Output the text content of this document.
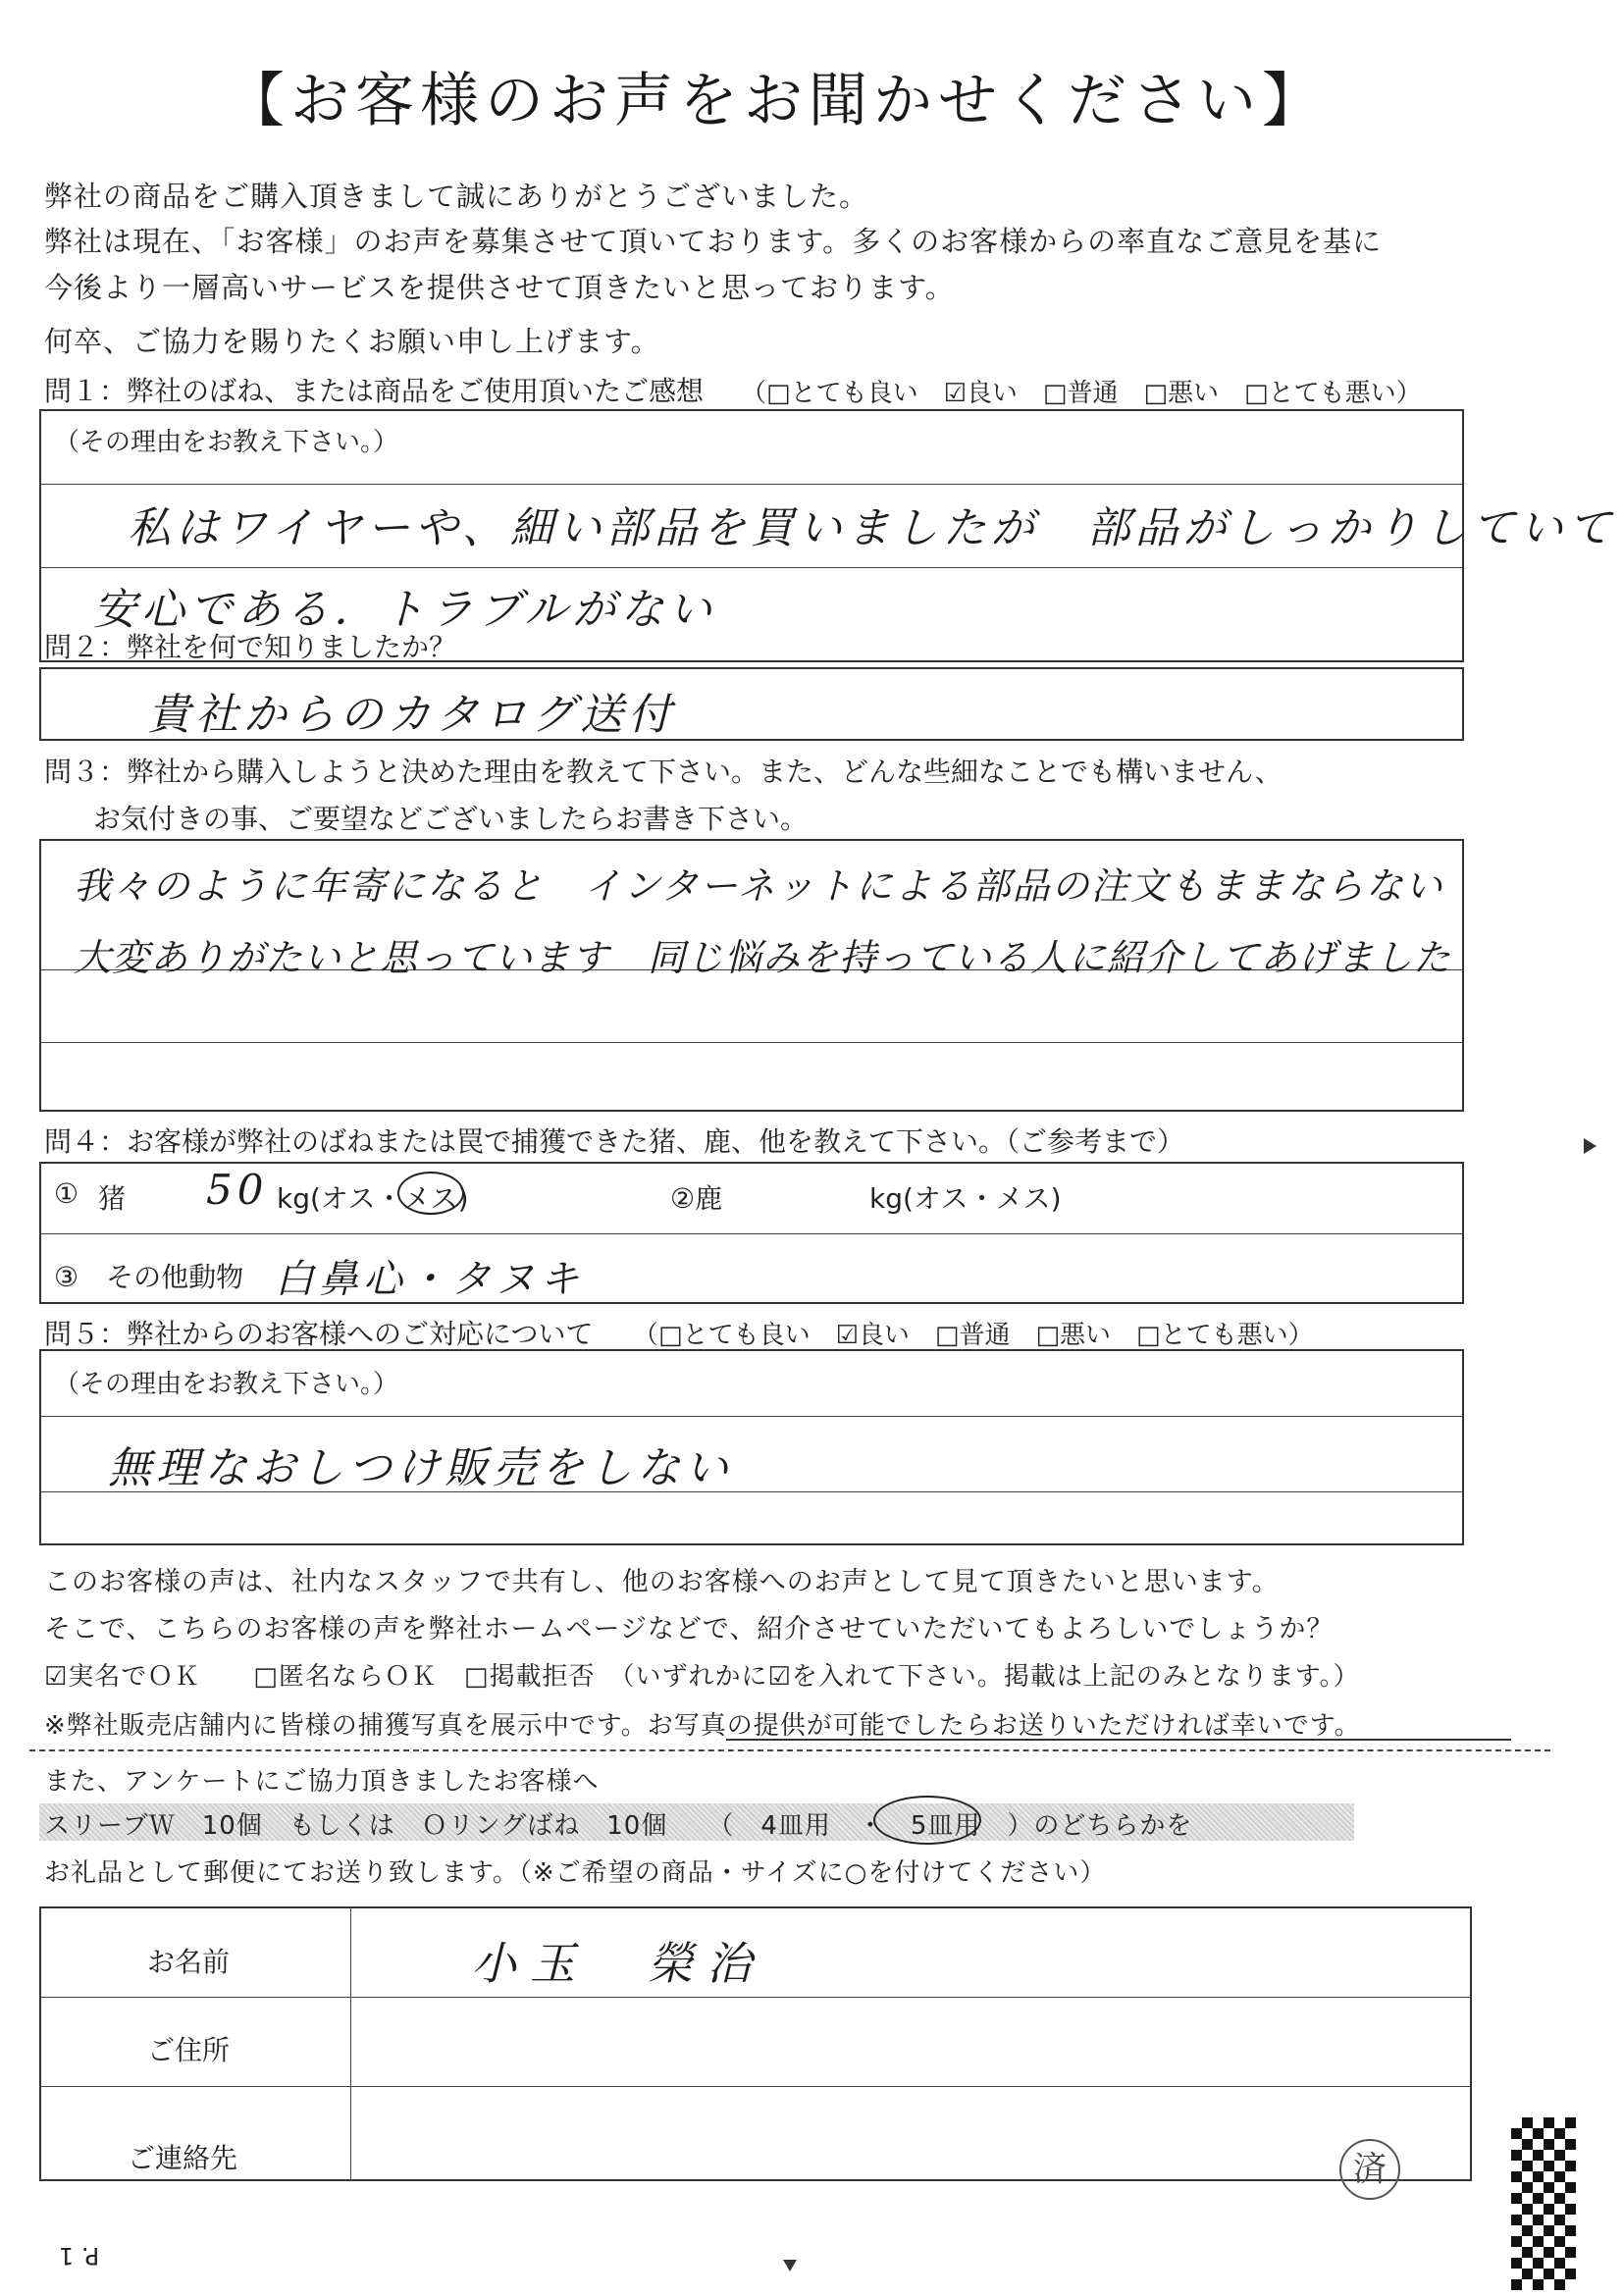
【お客様のお声をお聞かせください】
弊社の商品をご購入頂きまして誠にありがとうございました。
弊社は現在、「お客様」のお声を募集させて頂いております。多くのお客様からの率直なご意見を基に
今後より一層高いサービスを提供させて頂きたいと思っております。
何卒、ご協力を賜りたくお願い申し上げます。
問１：弊社のばね、または商品をご使用頂いたご感想 （□とても良い　☑良い　□普通　□悪い　□とても悪い）
（その理由をお教え下さい。）
私はワイヤーや、細い部品を買いましたが　部品がしっかりしていて
安心である．トラブルがない
問２：弊社を何で知りましたか？
貴社からのカタログ送付
問３：弊社から購入しようと決めた理由を教えて下さい。また、どんな些細なことでも構いません、
お気付きの事、ご要望などございましたらお書き下さい。
我々のように年寄になると　インターネットによる部品の注文もままならない
大変ありがたいと思っています　同じ悩みを持っている人に紹介してあげました
問４：お客様が弊社のばねまたは罠で捕獲できた猪、鹿、他を教えて下さい。（ご参考まで）
① 猪 50 kg(オス・メス)	②鹿	kg(オス・メス)
③　その他動物 白鼻心・タヌキ
問５：弊社からのお客様へのご対応について （□とても良い　☑良い　□普通　□悪い　□とても悪い）
（その理由をお教え下さい。）
無理なおしつけ販売をしない
このお客様の声は、社内なスタッフで共有し、他のお客様へのお声として見て頂きたいと思います。
そこで、こちらのお客様の声を弊社ホームページなどで、紹介させていただいてもよろしいでしょうか？
☑実名でＯＫ　　□匿名ならＯＫ　□掲載拒否　（いずれかに☑を入れて下さい。掲載は上記のみとなります。）
※弊社販売店舗内に皆様の捕獲写真を展示中です。お写真の提供が可能でしたらお送りいただければ幸いです。
また、アンケートにご協力頂きましたお客様へ
スリーブＷ　10個　もしくは　Ｏリングばね　10個　　（　4皿用　・　5皿用　）のどちらかを
お礼品として郵便にてお送り致します。（※ご希望の商品・サイズに○を付けてください）
お名前	小玉　榮治
ご住所
ご連絡先	済
P. 1
